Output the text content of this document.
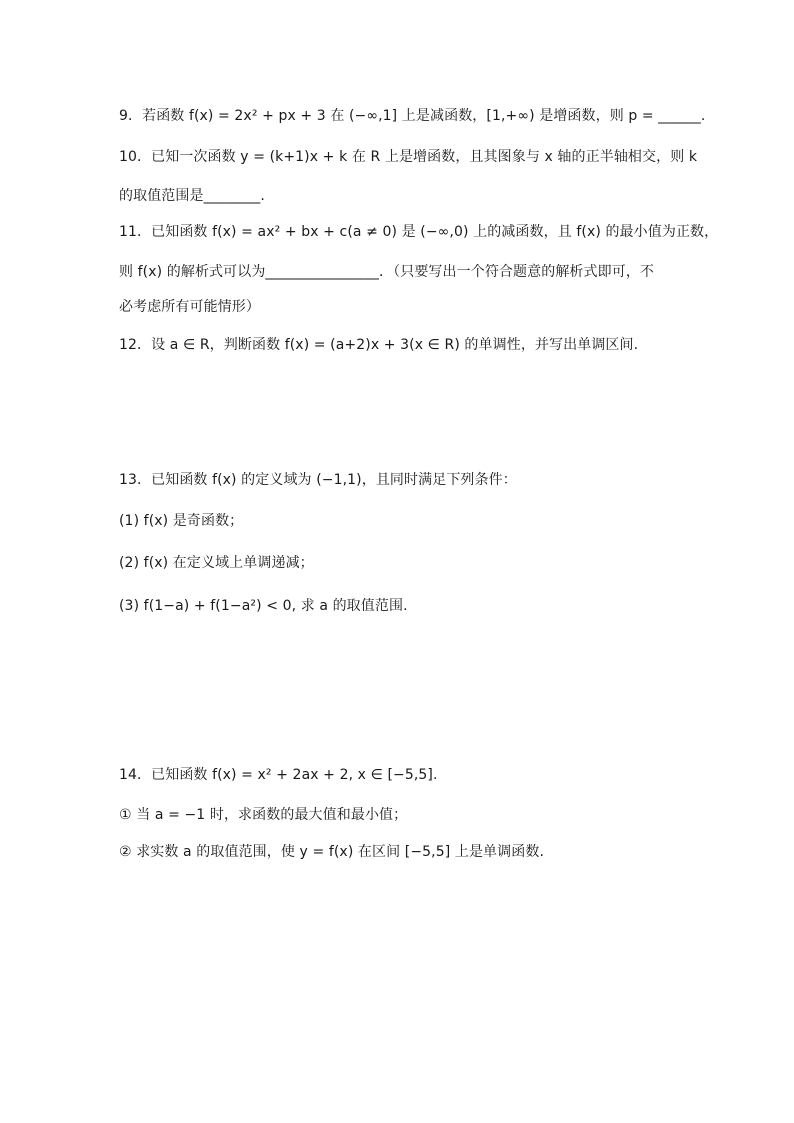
9．若函数 f(x) = 2x² + px + 3 在 (−∞,1] 上是减函数，[1,+∞) 是增函数，则 p = ______.
10．已知一次函数 y = (k+1)x + k 在 R 上是增函数，且其图象与 x 轴的正半轴相交，则 k
的取值范围是________.
11．已知函数 f(x) = ax² + bx + c(a ≠ 0) 是 (−∞,0) 上的减函数，且 f(x) 的最小值为正数，
则 f(x) 的解析式可以为________________．（只要写出一个符合题意的解析式即可，不
必考虑所有可能情形）
12．设 a ∈ R，判断函数 f(x) = (a+2)x + 3(x ∈ R) 的单调性，并写出单调区间.
13．已知函数 f(x) 的定义域为 (−1,1)，且同时满足下列条件：
(1) f(x) 是奇函数；
(2) f(x) 在定义域上单调递减；
(3) f(1−a) + f(1−a²) < 0, 求 a 的取值范围.
14．已知函数 f(x) = x² + 2ax + 2, x ∈ [−5,5].
① 当 a = −1 时，求函数的最大值和最小值；
② 求实数 a 的取值范围，使 y = f(x) 在区间 [−5,5] 上是单调函数.
